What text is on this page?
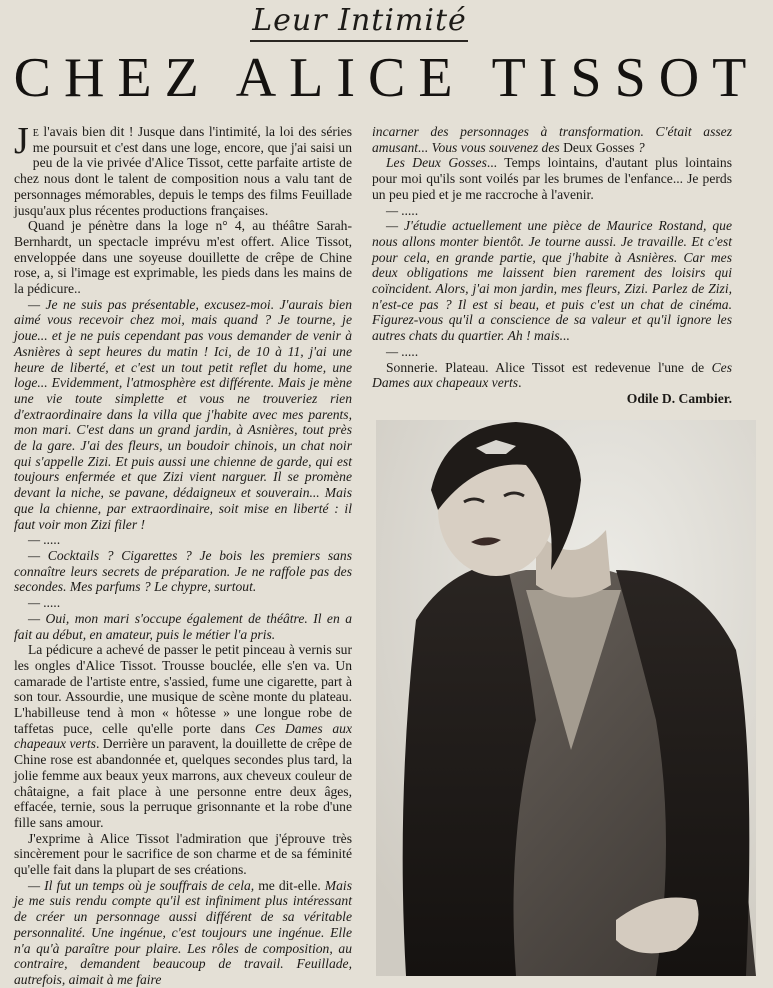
Leur Intimité
CHEZ ALICE TISSOT

Je l'avais bien dit ! Jusque dans l'intimité, la loi des séries me poursuit et c'est dans une loge, encore, que j'ai saisi un peu de la vie privée d'Alice Tissot, cette parfaite artiste de chez nous dont le talent de composition nous a valu tant de personnages mémorables, depuis le temps des films Feuillade jusqu'aux plus récentes productions françaises.

Quand je pénètre dans la loge n° 4, au théâtre Sarah-Bernhardt, un spectacle imprévu m'est offert. Alice Tissot, enveloppée dans une soyeuse douillette de crêpe de Chine rose, a, si l'image est exprimable, les pieds dans les mains de la pédicure..

— Je ne suis pas présentable, excusez-moi. J'aurais bien aimé vous recevoir chez moi, mais quand ? Je tourne, je joue... et je ne puis cependant pas vous demander de venir à Asnières à sept heures du matin ! Ici, de 10 à 11, j'ai une heure de liberté, et c'est un tout petit reflet du home, une loge... Evidemment, l'atmosphère est différente. Mais je mène une vie toute simplette et vous ne trouveriez rien d'extraordinaire dans la villa que j'habite avec mes parents, mon mari. C'est dans un grand jardin, à Asnières, tout près de la gare. J'ai des fleurs, un boudoir chinois, un chat noir qui s'appelle Zizi. Et puis aussi une chienne de garde, qui est toujours enfermée et que Zizi vient narguer. Il se promène devant la niche, se pavane, dédaigneux et souverain... Mais que la chienne, par extraordinaire, soit mise en liberté : il faut voir mon Zizi filer !

— .....

— Cocktails ? Cigarettes ? Je bois les premiers sans connaître leurs secrets de préparation. Je ne raffole pas des secondes. Mes parfums ? Le chypre, surtout.

— .....

— Oui, mon mari s'occupe également de théâtre. Il en a fait au début, en amateur, puis le métier l'a pris.

La pédicure a achevé de passer le petit pinceau à vernis sur les ongles d'Alice Tissot. Trousse bouclée, elle s'en va. Un camarade de l'artiste entre, s'assied, fume une cigarette, part à son tour. Assourdie, une musique de scène monte du plateau. L'habilleuse tend à mon « hôtesse » une longue robe de taffetas puce, celle qu'elle porte dans Ces Dames aux chapeaux verts. Derrière un paravent, la douillette de crêpe de Chine rose est abandonnée et, quelques secondes plus tard, la jolie femme aux beaux yeux marrons, aux cheveux couleur de châtaigne, a fait place à une personne entre deux âges, effacée, ternie, sous la perruque grisonnante et la robe d'une fille sans amour.

J'exprime à Alice Tissot l'admiration que j'éprouve très sincèrement pour le sacrifice de son charme et de sa féminité qu'elle fait dans la plupart de ses créations.

— Il fut un temps où je souffrais de cela, me dit-elle. Mais je me suis rendu compte qu'il est infiniment plus intéressant de créer un personnage aussi différent de sa véritable personnalité. Une ingénue, c'est toujours une ingénue. Elle n'a qu'à paraître pour plaire. Les rôles de composition, au contraire, demandent beaucoup de travail. Feuillade, autrefois, aimait à me faire

incarner des personnages à transformation. C'était assez amusant... Vous vous souvenez des Deux Gosses ?

Les Deux Gosses... Temps lointains, d'autant plus lointains pour moi qu'ils sont voilés par les brumes de l'enfance... Je perds un peu pied et je me raccroche à l'avenir.

— .....

— J'étudie actuellement une pièce de Maurice Rostand, que nous allons monter bientôt. Je tourne aussi. Je travaille. Et c'est pour cela, en grande partie, que j'habite à Asnières. Car mes deux obligations me laissent bien rarement des loisirs qui coïncident. Alors, j'ai mon jardin, mes fleurs, Zizi. Parlez de Zizi, n'est-ce pas ? Il est si beau, et puis c'est un chat de cinéma. Figurez-vous qu'il a conscience de sa valeur et qu'il ignore les autres chats du quartier. Ah ! mais...

— .....

Sonnerie. Plateau. Alice Tissot est redevenue l'une de Ces Dames aux chapeaux verts.

Odile D. Cambier.
